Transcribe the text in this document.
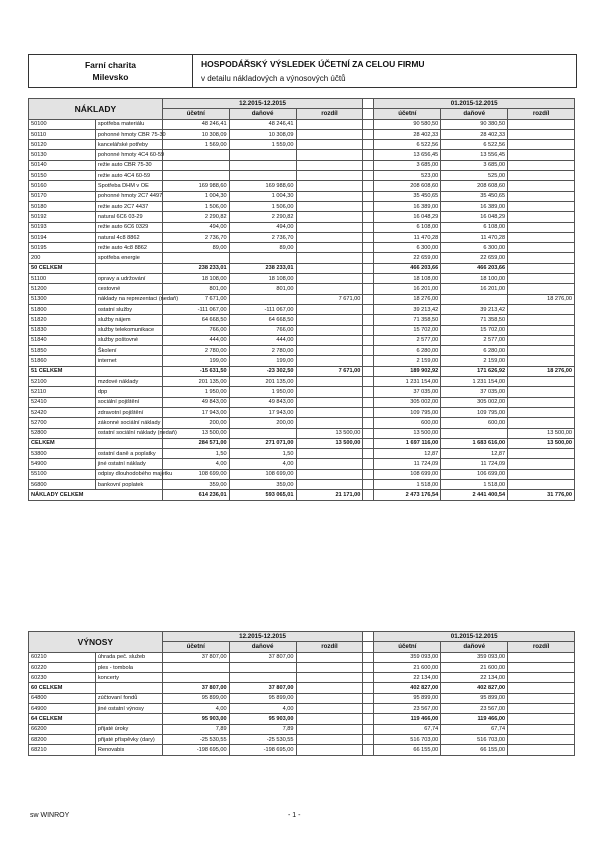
Farní charita
Milevsko
HOSPODÁŘSKÝ VÝSLEDEK ÚČETNÍ ZA CELOU FIRMU
v detailu nákladových a výnosových účtů
NÁKLADY		12.2015-12.2015				01.2015-12.2015		
		účetní	daňové	rozdíl		účetní	daňové	rozdíl
50100	spotřeba materiálu	48 246,41	48 246,41			90 580,50	90 380,50	
50110	pohonné hmoty CBR 75-30	10 308,09	10 308,09			28 402,33	28 402,33	
50120	kancelářské potřeby	1 569,00	1 559,00			6 522,56	6 522,56	
50130	pohonné hmoty 4C4 60-59					13 656,45	13 556,45	
50140	režie auto CBR 75-30					3 685,00	3 685,00	
50150	režie auto 4C4 60-59					523,00	525,00	
50160	Spotřeba DHM v OE	169 988,60	169 988,60			208 608,60	208 608,60	
50170	pohonné hmoty 2C7 4497	1 004,30	1 004,30			35 450,65	35 450,65	
50180	režie auto 2C7 4437	1 506,00	1 506,00			16 389,00	16 389,00	
50192	natural 6C6 03-29	2 290,82	2 290,82			16 048,29	16 048,29	
50193	režie auto 6C6 0329	494,00	494,00			6 108,00	6 108,00	
50194	natural 4c8 8862	2 736,70	2 736,70			11 470,28	11 470,28	
50195	režie auto 4c8 8862	89,00	89,00			6 300,00	6 300,00	
200	spotřeba energie					22 659,00	22 659,00	
50 CELKEM		238 233,01	238 233,01			466 203,66	466 203,66	
51100	opravy a udržování	18 108,00	18 108,00			18 108,00	18 100,00	
51200	cestovné	801,00	801,00			16 201,00	16 201,00	
51300	náklady na reprezentaci (nedaň)	7 671,00		7 671,00		18 276,00		18 276,00
51800	ostatní služby	-111 067,00	-111 067,00			39 213,42	39 213,42	
51820	služby nájem	64 668,50	64 668,50			71 358,50	71 358,50	
51830	služby telekomunikace	766,00	766,00			15 702,00	15 702,00	
51840	služby poštovné	444,00	444,00			2 577,00	2 577,00	
51850	Školení	2 780,00	2 780,00			6 280,00	6 280,00	
51860	internet	199,00	199,00			2 159,00	2 159,00	
51 CELKEM		-15 631,50	-23 302,50	7 671,00		189 902,92	171 626,92	18 276,00
52100	mzdové náklady	201 135,00	201 135,00			1 231 154,00	1 231 154,00	
52110	dpp	1 950,00	1 950,00			37 035,00	37 035,00	
52410	sociální pojištění	49 843,00	49 843,00			305 002,00	305 002,00	
52420	zdravotní pojištění	17 943,00	17 943,00			109 795,00	109 795,00	
52700	zákonné sociální náklady	200,00	200,00			600,00	600,00	
52800	ostatní sociální náklady (nedaň)	13 500,00		13 500,00		13 500,00		13 500,00
CELKEM		284 571,00	271 071,00	13 500,00		1 697 116,00	1 683 616,00	13 500,00
53800	ostatní daně a poplatky	1,50	1,50			12,87	12,87	
54900	jiné ostatní náklady	4,00	4,00			11 724,09	11 724,09	
55100	odpisy dlouhodobého majetku	108 699,00	108 699,00			108 699,00	106 699,00	
56800	bankovní poplatek	359,00	359,00			1 518,00	1 518,00	
NÁKLADY CELKEM		614 236,01	593 065,01	21 171,00		2 473 176,54	2 441 400,54	31 776,00
VÝNOSY		12.2015-12.2015				01.2015-12.2015		
		účetní	daňové	rozdíl		účetní	daňové	rozdíl
60210	úhrada peč. služeb	37 807,00	37 807,00			359 093,00	359 093,00	
60220	ples - tombola					21 600,00	21 600,00	
60230	koncerty					22 134,00	22 134,00	
60 CELKEM		37 807,00	37 807,00			402 827,00	402 827,00	
64800	zúčtovaní fondů	95 899,00	95 899,00			95 899,00	95 899,00	
64900	jiné ostatní výnosy	4,00	4,00			23 567,00	23 567,00	
64 CELKEM		95 903,00	95 903,00			119 466,00	119 466,00	
66200	přijaté úroky	7,89	7,89			67,74	67,74	
68200	přijaté příspěvky (dary)	-25 530,55	-25 530,55			516 703,00	516 703,00	
68210	Renovabis	-198 695,00	-198 695,00			66 155,00	66 155,00	
sw WINROY	- 1 -
